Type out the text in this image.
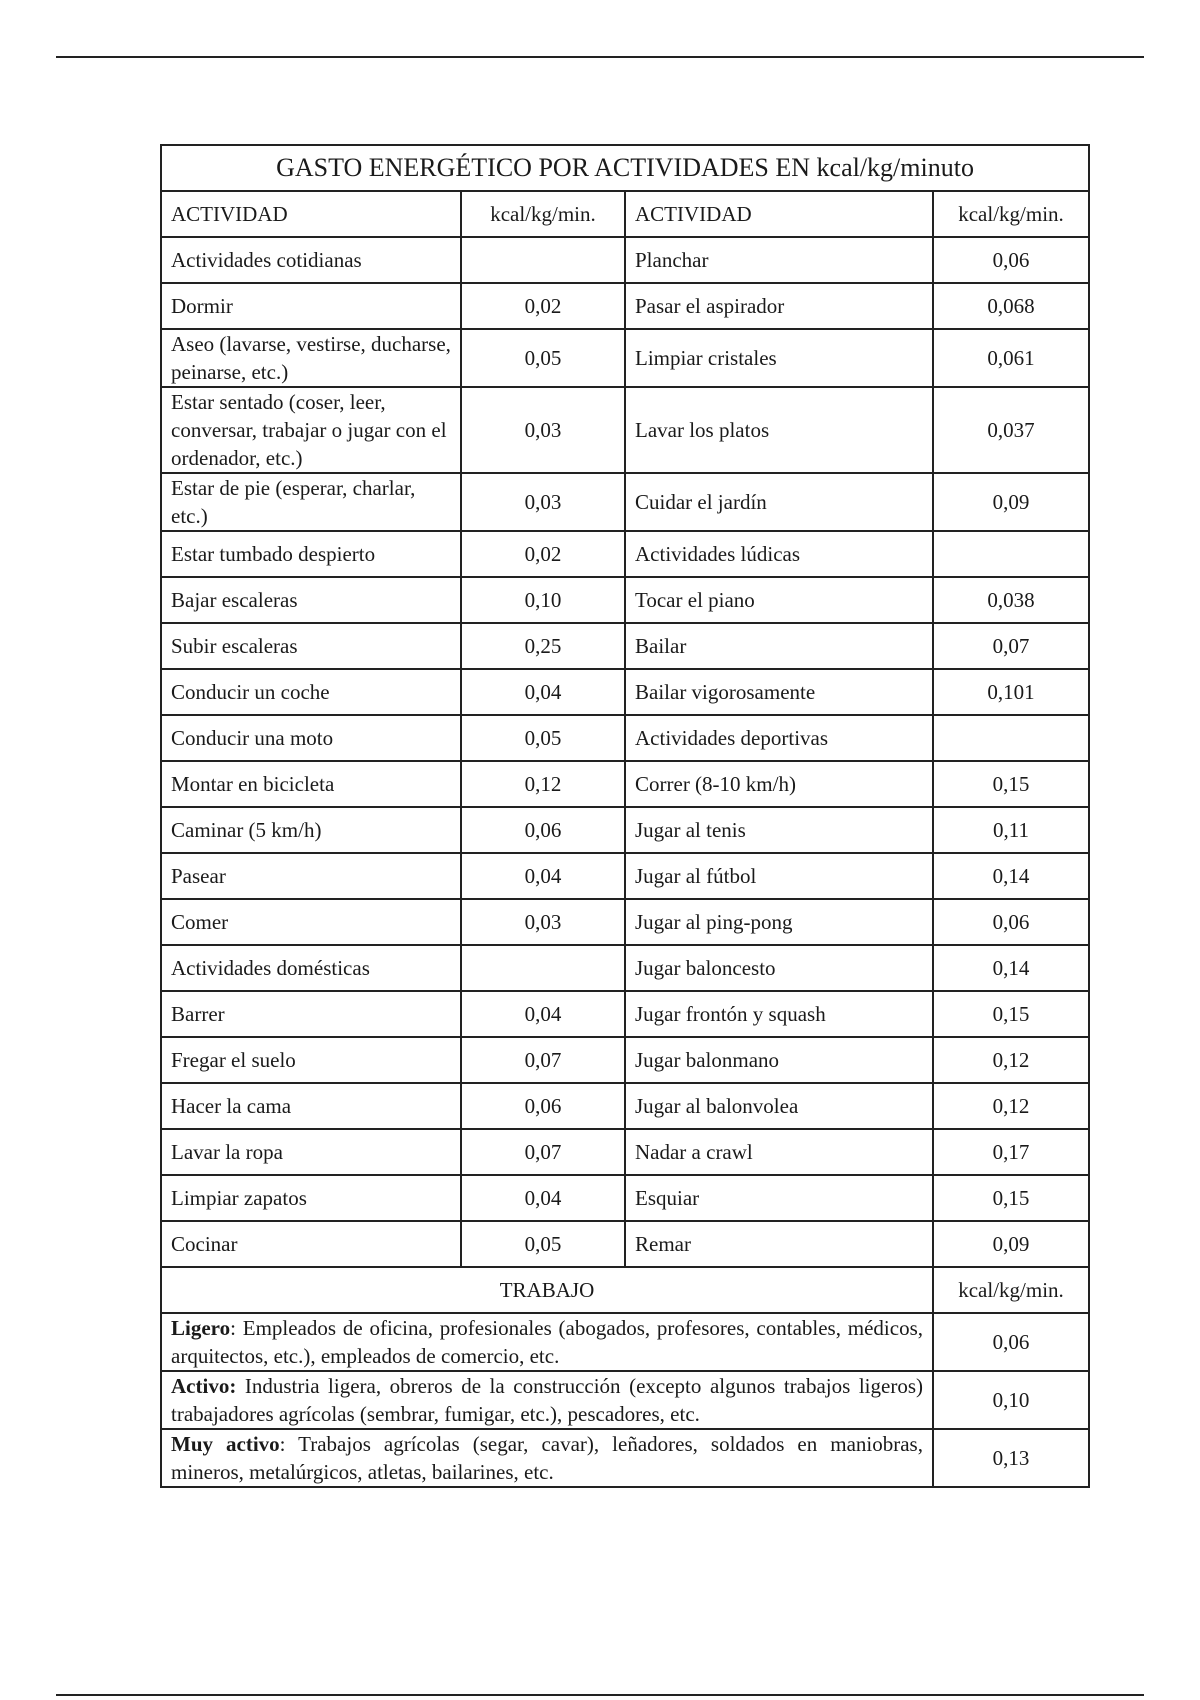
GASTO ENERGÉTICO POR ACTIVIDADES EN kcal/kg/minuto			
ACTIVIDAD	kcal/kg/min.	ACTIVIDAD	kcal/kg/min.
Actividades cotidianas		Planchar	0,06
Dormir	0,02	Pasar el aspirador	0,068
Aseo (lavarse, vestirse, ducharse, peinarse, etc.)	0,05	Limpiar cristales	0,061
Estar sentado (coser, leer, conversar, trabajar o jugar con el ordenador, etc.)	0,03	Lavar los platos	0,037
Estar de pie (esperar, charlar, etc.)	0,03	Cuidar el jardín	0,09
Estar tumbado despierto	0,02	Actividades lúdicas	
Bajar escaleras	0,10	Tocar el piano	0,038
Subir escaleras	0,25	Bailar	0,07
Conducir un coche	0,04	Bailar vigorosamente	0,101
Conducir una moto	0,05	Actividades deportivas	
Montar en bicicleta	0,12	Correr (8-10 km/h)	0,15
Caminar (5 km/h)	0,06	Jugar al tenis	0,11
Pasear	0,04	Jugar al fútbol	0,14
Comer	0,03	Jugar al ping-pong	0,06
Actividades domésticas		Jugar baloncesto	0,14
Barrer	0,04	Jugar frontón y squash	0,15
Fregar el suelo	0,07	Jugar balonmano	0,12
Hacer la cama	0,06	Jugar al balonvolea	0,12
Lavar la ropa	0,07	Nadar a crawl	0,17
Limpiar zapatos	0,04	Esquiar	0,15
Cocinar	0,05	Remar	0,09
TRABAJO			kcal/kg/min.
Ligero: Empleados de oficina, profesionales (abogados, profesores, contables, médicos, arquitectos, etc.), empleados de comercio, etc.			0,06
Activo: Industria ligera, obreros de la construcción (excepto algunos trabajos ligeros) trabajadores agrícolas (sembrar, fumigar, etc.), pescadores, etc.			0,10
Muy activo: Trabajos agrícolas (segar, cavar), leñadores, soldados en maniobras, mineros, metalúrgicos, atletas, bailarines, etc.			0,13
